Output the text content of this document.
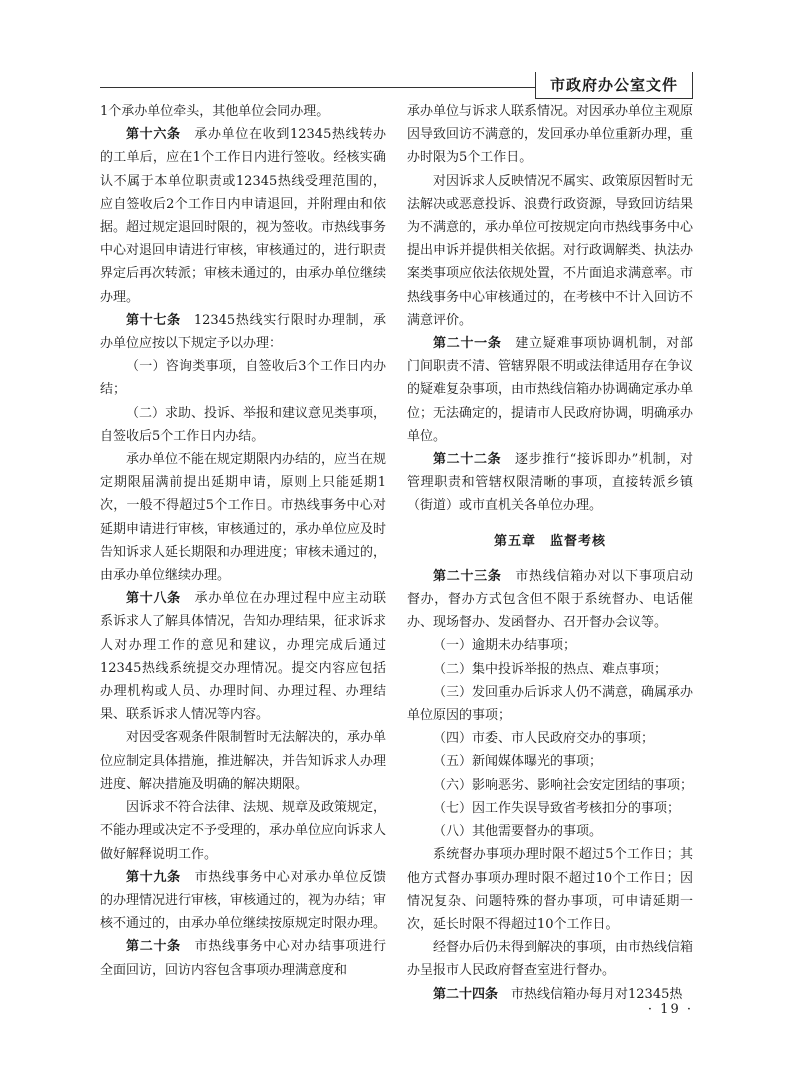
市政府办公室文件

1个承办单位牵头，其他单位会同办理。

第十六条  承办单位在收到12345热线转办的工单后，应在1个工作日内进行签收。经核实确认不属于本单位职责或12345热线受理范围的，应自签收后2个工作日内申请退回，并附理由和依据。超过规定退回时限的，视为签收。市热线事务中心对退回申请进行审核，审核通过的，进行职责界定后再次转派；审核未通过的，由承办单位继续办理。

第十七条  12345热线实行限时办理制，承办单位应按以下规定予以办理：

（一）咨询类事项，自签收后3个工作日内办结；

（二）求助、投诉、举报和建议意见类事项，自签收后5个工作日内办结。

承办单位不能在规定期限内办结的，应当在规定期限届满前提出延期申请，原则上只能延期1次，一般不得超过5个工作日。市热线事务中心对延期申请进行审核，审核通过的，承办单位应及时告知诉求人延长期限和办理进度；审核未通过的，由承办单位继续办理。

第十八条  承办单位在办理过程中应主动联系诉求人了解具体情况，告知办理结果，征求诉求人对办理工作的意见和建议，办理完成后通过12345热线系统提交办理情况。提交内容应包括办理机构或人员、办理时间、办理过程、办理结果、联系诉求人情况等内容。

对因受客观条件限制暂时无法解决的，承办单位应制定具体措施，推进解决，并告知诉求人办理进度、解决措施及明确的解决期限。

因诉求不符合法律、法规、规章及政策规定，不能办理或决定不予受理的，承办单位应向诉求人做好解释说明工作。

第十九条  市热线事务中心对承办单位反馈的办理情况进行审核，审核通过的，视为办结；审核不通过的，由承办单位继续按原规定时限办理。

第二十条  市热线事务中心对办结事项进行全面回访，回访内容包含事项办理满意度和

承办单位与诉求人联系情况。对因承办单位主观原因导致回访不满意的，发回承办单位重新办理，重办时限为5个工作日。

对因诉求人反映情况不属实、政策原因暂时无法解决或恶意投诉、浪费行政资源，导致回访结果为不满意的，承办单位可按规定向市热线事务中心提出申诉并提供相关依据。对行政调解类、执法办案类事项应依法依规处置，不片面追求满意率。市热线事务中心审核通过的，在考核中不计入回访不满意评价。

第二十一条  建立疑难事项协调机制，对部门间职责不清、管辖界限不明或法律适用存在争议的疑难复杂事项，由市热线信箱办协调确定承办单位；无法确定的，提请市人民政府协调，明确承办单位。

第二十二条  逐步推行“接诉即办”机制，对管理职责和管辖权限清晰的事项，直接转派乡镇（街道）或市直机关各单位办理。

第五章　监督考核

第二十三条  市热线信箱办对以下事项启动督办，督办方式包含但不限于系统督办、电话催办、现场督办、发函督办、召开督办会议等。

（一）逾期未办结事项；

（二）集中投诉举报的热点、难点事项；

（三）发回重办后诉求人仍不满意，确属承办单位原因的事项；

（四）市委、市人民政府交办的事项；

（五）新闻媒体曝光的事项；

（六）影响恶劣、影响社会安定团结的事项；

（七）因工作失误导致省考核扣分的事项；

（八）其他需要督办的事项。

系统督办事项办理时限不超过5个工作日；其他方式督办事项办理时限不超过10个工作日；因情况复杂、问题特殊的督办事项，可申请延期一次，延长时限不得超过10个工作日。

经督办后仍未得到解决的事项，由市热线信箱办呈报市人民政府督查室进行督办。

第二十四条  市热线信箱办每月对12345热

· 19 ·
